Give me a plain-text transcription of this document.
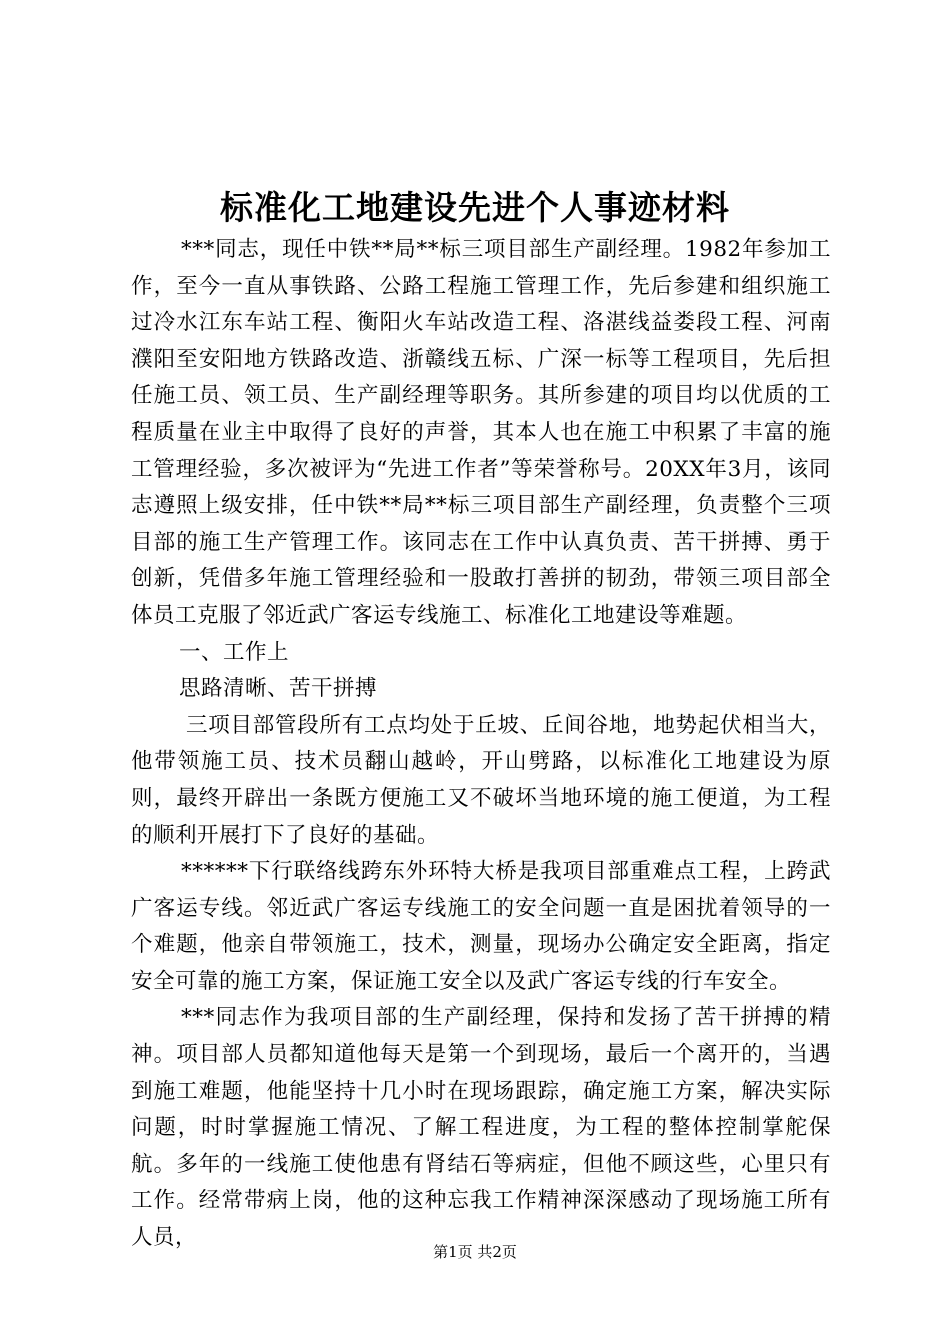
标准化工地建设先进个人事迹材料

***同志，现任中铁**局**标三项目部生产副经理。1982年参加工作，至今一直从事铁路、公路工程施工管理工作，先后参建和组织施工过冷水江东车站工程、衡阳火车站改造工程、洛湛线益娄段工程、河南濮阳至安阳地方铁路改造、浙赣线五标、广深一标等工程项目，先后担任施工员、领工员、生产副经理等职务。其所参建的项目均以优质的工程质量在业主中取得了良好的声誉，其本人也在施工中积累了丰富的施工管理经验，多次被评为“先进工作者”等荣誉称号。20XX年3月，该同志遵照上级安排，任中铁**局**标三项目部生产副经理，负责整个三项目部的施工生产管理工作。该同志在工作中认真负责、苦干拼搏、勇于创新，凭借多年施工管理经验和一股敢打善拼的韧劲，带领三项目部全体员工克服了邻近武广客运专线施工、标准化工地建设等难题。

一、工作上

思路清晰、苦干拼搏

三项目部管段所有工点均处于丘坡、丘间谷地，地势起伏相当大，他带领施工员、技术员翻山越岭，开山劈路，以标准化工地建设为原则，最终开辟出一条既方便施工又不破坏当地环境的施工便道，为工程的顺利开展打下了良好的基础。

******下行联络线跨东外环特大桥是我项目部重难点工程，上跨武广客运专线。邻近武广客运专线施工的安全问题一直是困扰着领导的一个难题，他亲自带领施工，技术，测量，现场办公确定安全距离，指定安全可靠的施工方案，保证施工安全以及武广客运专线的行车安全。

***同志作为我项目部的生产副经理，保持和发扬了苦干拼搏的精神。项目部人员都知道他每天是第一个到现场，最后一个离开的，当遇到施工难题，他能坚持十几小时在现场跟踪，确定施工方案，解决实际问题，时时掌握施工情况、了解工程进度，为工程的整体控制掌舵保航。多年的一线施工使他患有肾结石等病症，但他不顾这些，心里只有工作。经常带病上岗，他的这种忘我工作精神深深感动了现场施工所有人员，

第1页 共2页
